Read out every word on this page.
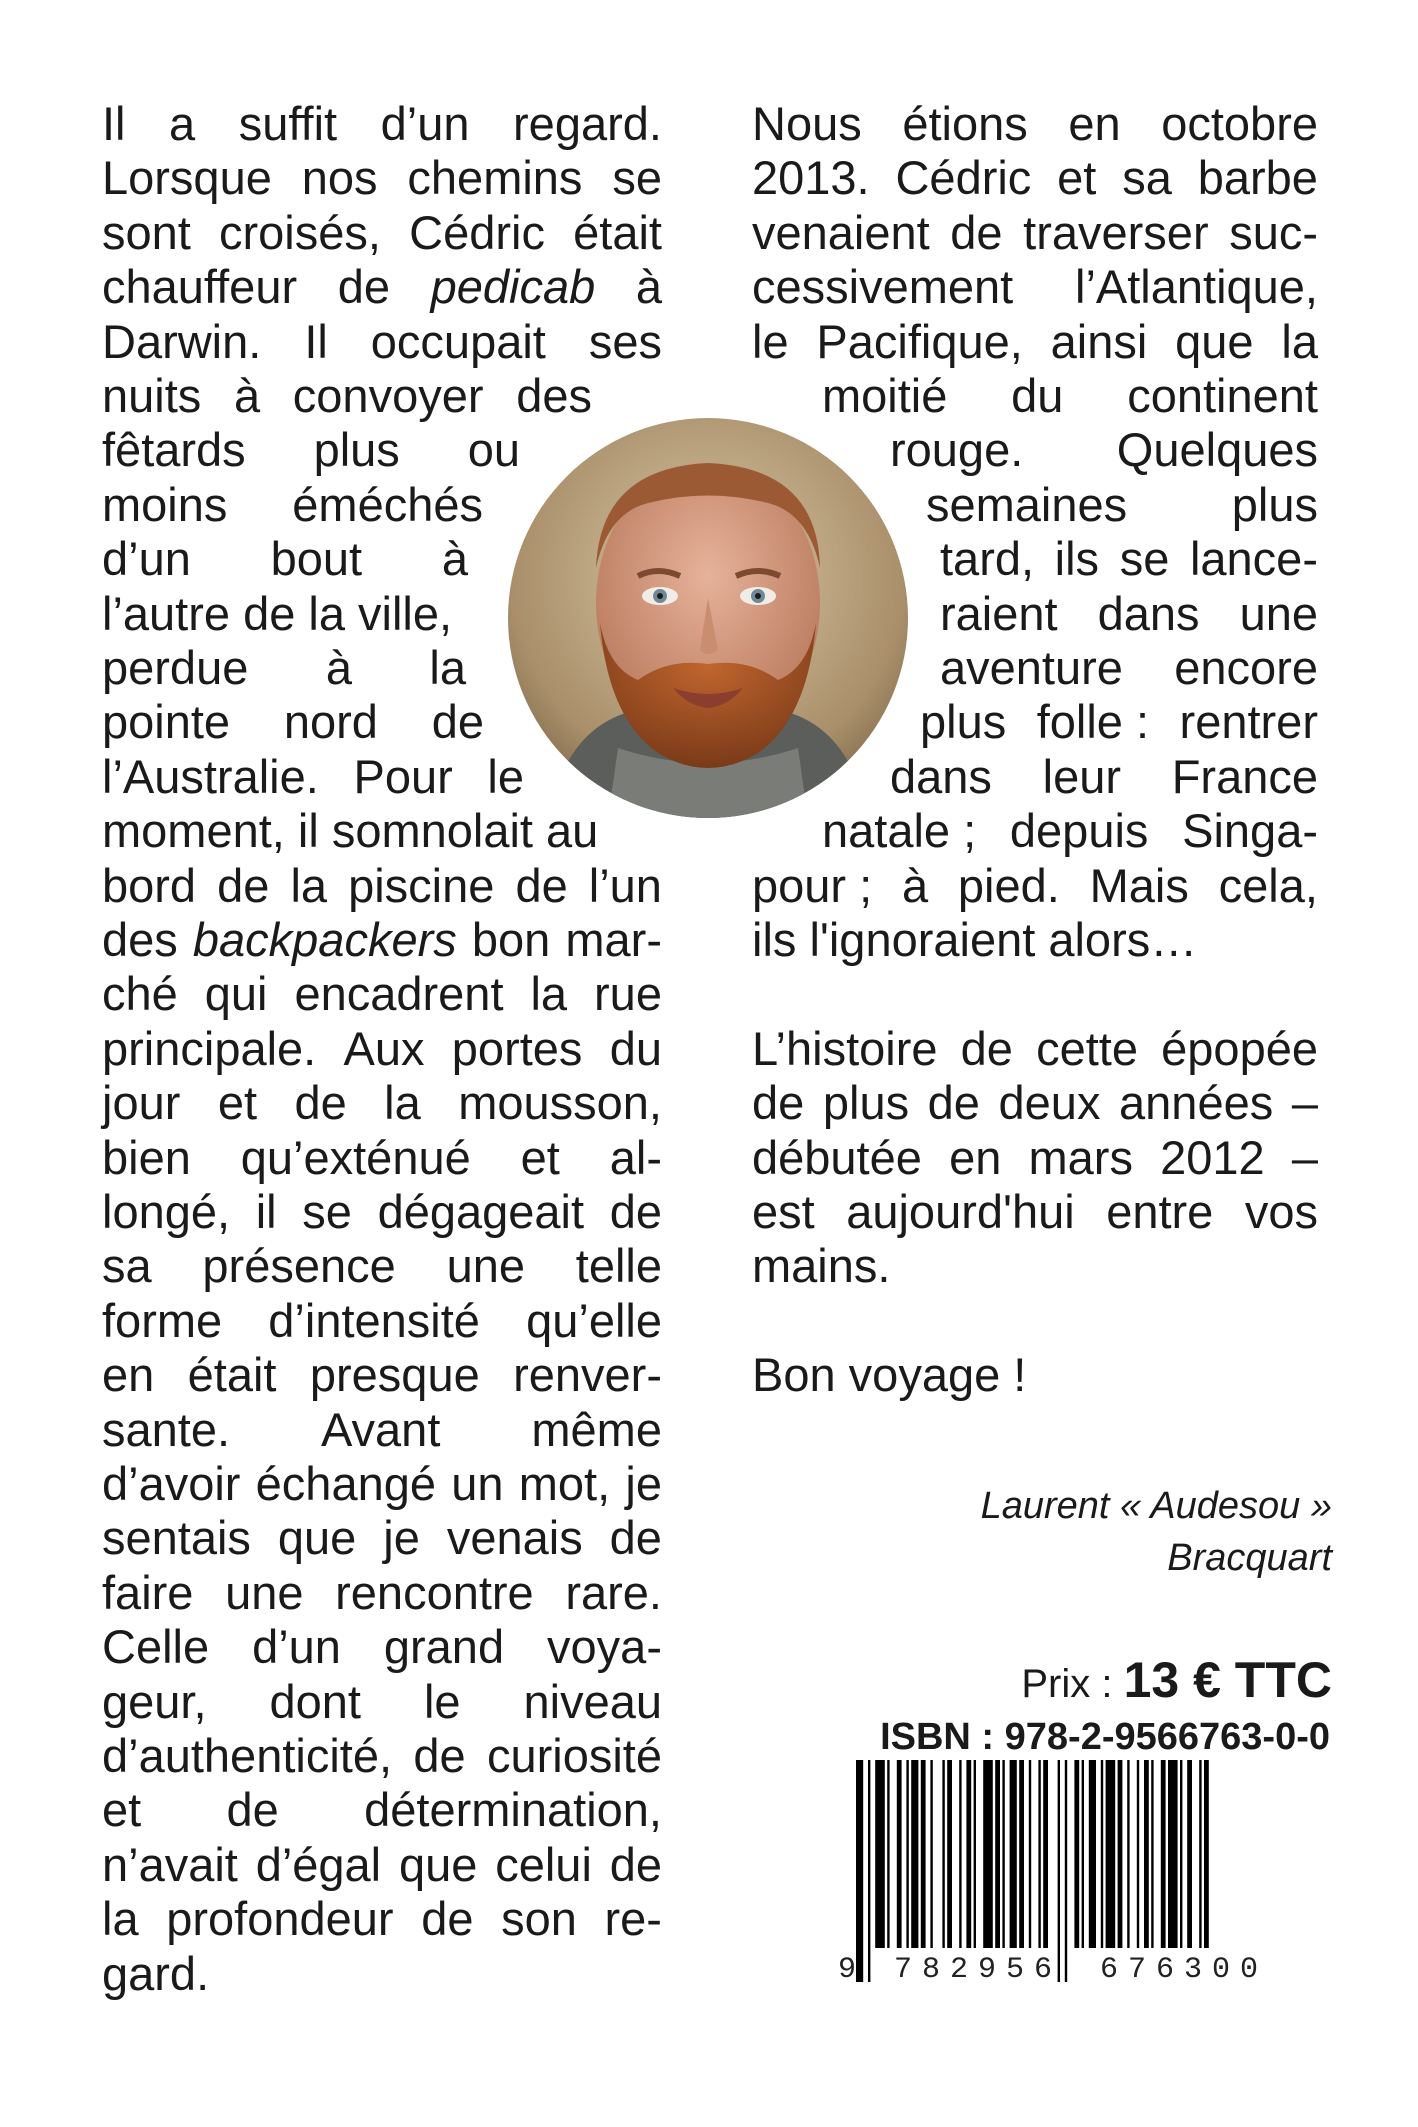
Il a suffit d’un regard.
Lorsque nos chemins se
sont croisés, Cédric était
chauffeur de pedicab à
Darwin. Il occupait ses
nuits à convoyer des
fêtards plus ou
moins éméchés
d’un bout à
l’autre de la ville,
perdue à la
pointe nord de
l’Australie. Pour le
moment, il somnolait au
bord de la piscine de l’un
des backpackers bon mar-
ché qui encadrent la rue
principale. Aux portes du
jour et de la mousson,
bien qu’exténué et al-
longé, il se dégageait de
sa présence une telle
forme d’intensité qu’elle
en était presque renver-
sante. Avant même
d’avoir échangé un mot, je
sentais que je venais de
faire une rencontre rare.
Celle d’un grand voya-
geur, dont le niveau
d’authenticité, de curiosité
et de détermination,
n’avait d’égal que celui de
la profondeur de son re-
gard.
Nous étions en octobre
2013. Cédric et sa barbe
venaient de traverser suc-
cessivement l’Atlantique,
le Pacifique, ainsi que la
moitié du continent
rouge. Quelques
semaines plus
tard, ils se lance-
raient dans une
aventure encore
plus folle : rentrer
dans leur France
natale ; depuis Singa-
pour ; à pied. Mais cela,
ils l'ignoraient alors…
L’histoire de cette épopée
de plus de deux années –
débutée en mars 2012 –
est aujourd'hui entre vos
mains.
Bon voyage !
Laurent « Audesou »
Bracquart
Prix : 13 € TTC
ISBN : 978-2-9566763-0-0
9 782956 676300
